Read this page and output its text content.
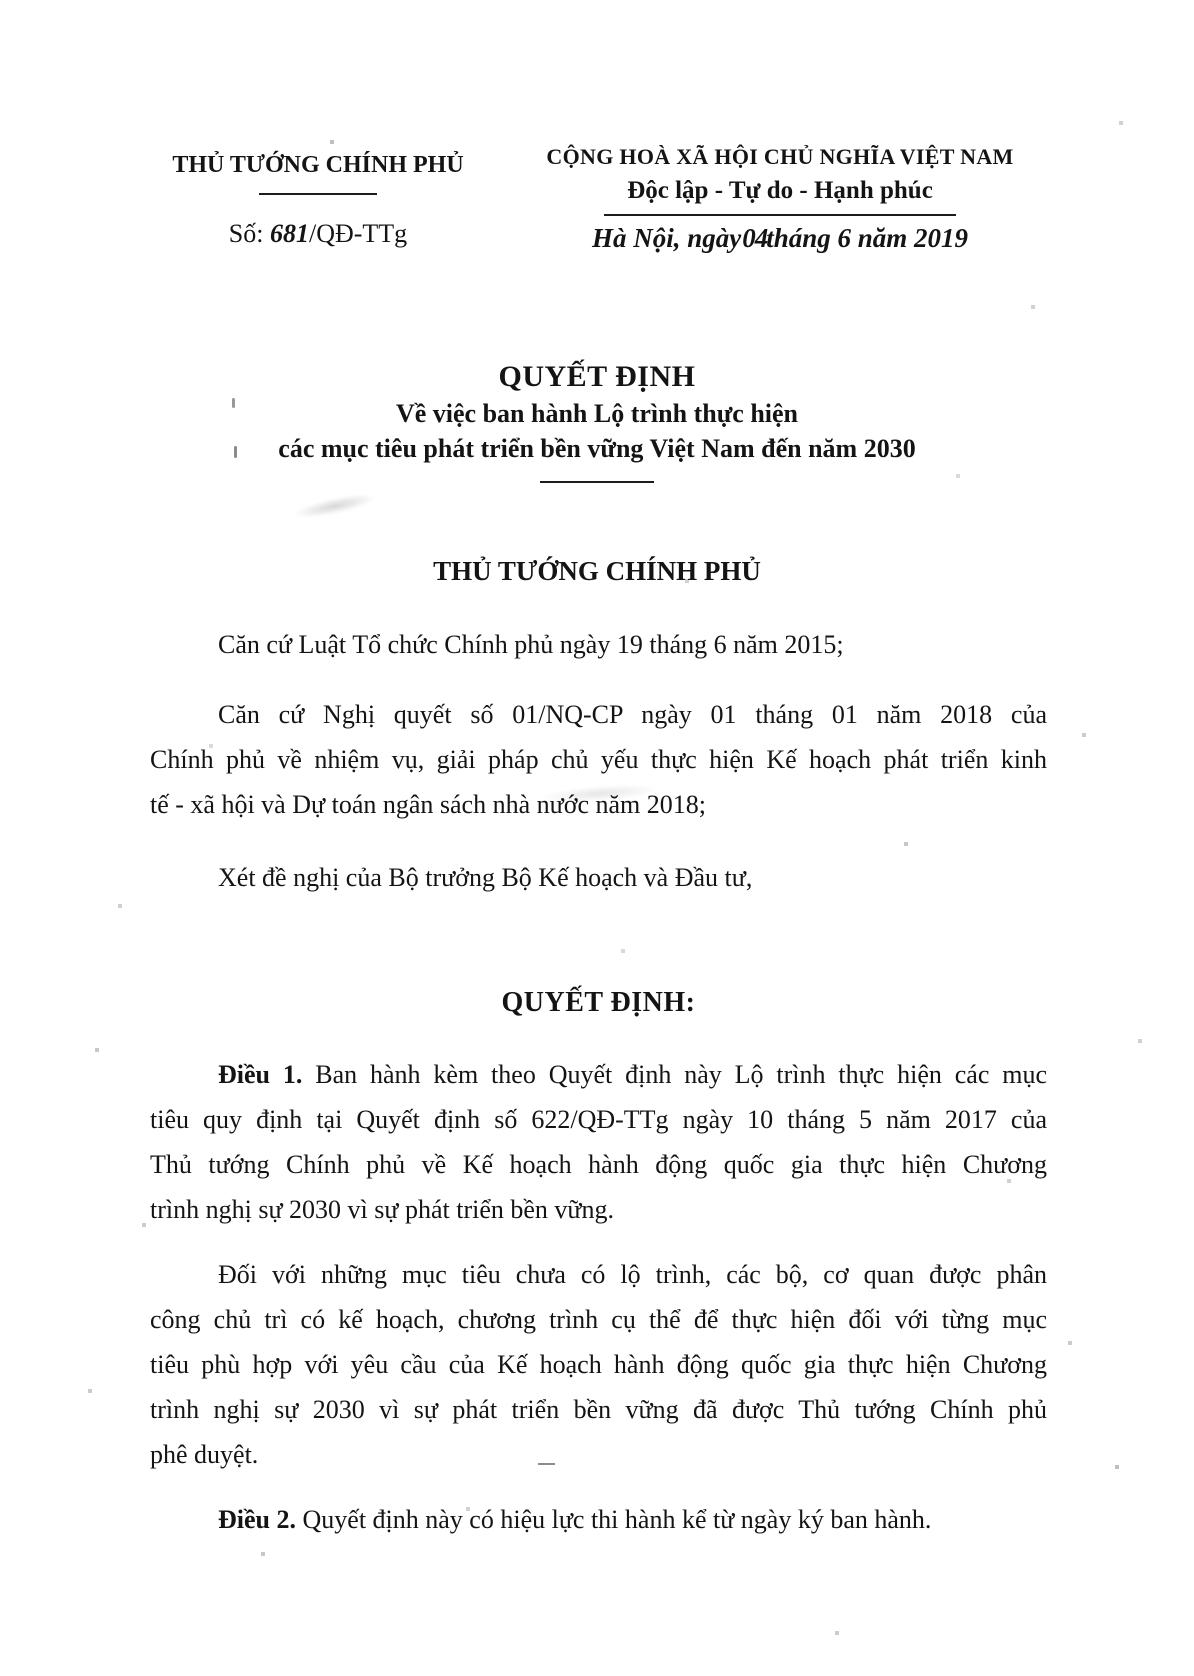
THỦ TƯỚNG CHÍNH PHỦ
Số: 681/QĐ-TTg
CỘNG HOÀ XÃ HỘI CHỦ NGHĨA VIỆT NAM
Độc lập - Tự do - Hạnh phúc
Hà Nội, ngày04tháng 6 năm 2019
QUYẾT ĐỊNH
Về việc ban hành Lộ trình thực hiện
các mục tiêu phát triển bền vững Việt Nam đến năm 2030
THỦ TƯỚNG CHÍNH PHỦ
Căn cứ Luật Tổ chức Chính phủ ngày 19 tháng 6 năm 2015;
Căn cứ Nghị quyết số 01/NQ-CP ngày 01 tháng 01 năm 2018 của
Chính phủ về nhiệm vụ, giải pháp chủ yếu thực hiện Kế hoạch phát triển kinh
tế - xã hội và Dự toán ngân sách nhà nước năm 2018;
Xét đề nghị của Bộ trưởng Bộ Kế hoạch và Đầu tư,
QUYẾT ĐỊNH:
Điều 1. Ban hành kèm theo Quyết định này Lộ trình thực hiện các mục
tiêu quy định tại Quyết định số 622/QĐ-TTg ngày 10 tháng 5 năm 2017 của
Thủ tướng Chính phủ về Kế hoạch hành động quốc gia thực hiện Chương
trình nghị sự 2030 vì sự phát triển bền vững.
Đối với những mục tiêu chưa có lộ trình, các bộ, cơ quan được phân
công chủ trì có kế hoạch, chương trình cụ thể để thực hiện đối với từng mục
tiêu phù hợp với yêu cầu của Kế hoạch hành động quốc gia thực hiện Chương
trình nghị sự 2030 vì sự phát triển bền vững đã được Thủ tướng Chính phủ
phê duyệt.
Điều 2. Quyết định này có hiệu lực thi hành kể từ ngày ký ban hành.
